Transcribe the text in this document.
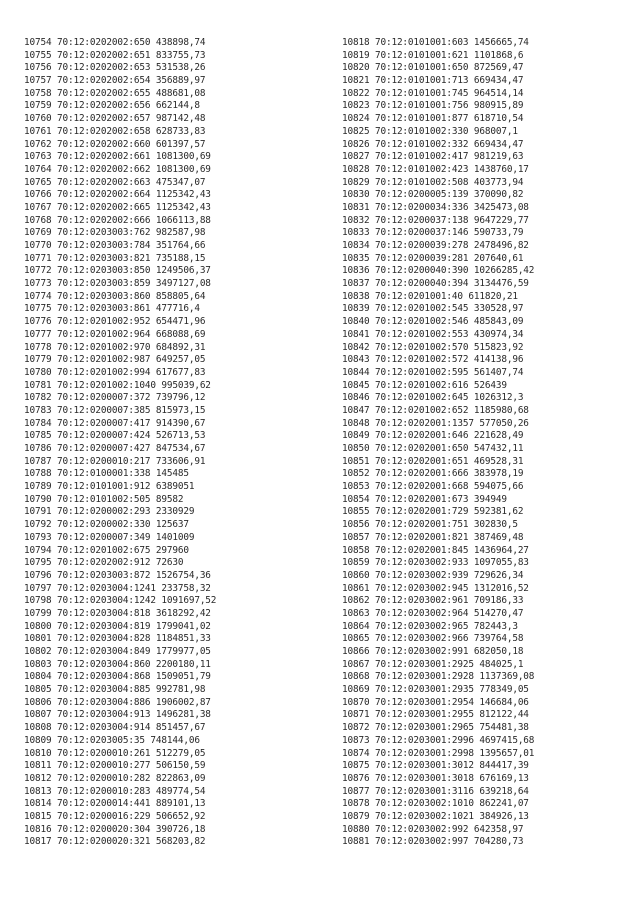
10754 70:12:0202002:650 438898,74
10755 70:12:0202002:651 833755,73
10756 70:12:0202002:653 531538,26
10757 70:12:0202002:654 356889,97
10758 70:12:0202002:655 488681,08
10759 70:12:0202002:656 662144,8
10760 70:12:0202002:657 987142,48
10761 70:12:0202002:658 628733,83
10762 70:12:0202002:660 601397,57
10763 70:12:0202002:661 1081300,69
10764 70:12:0202002:662 1081300,69
10765 70:12:0202002:663 475347,07
10766 70:12:0202002:664 1125342,43
10767 70:12:0202002:665 1125342,43
10768 70:12:0202002:666 1066113,88
10769 70:12:0203003:762 982587,98
10770 70:12:0203003:784 351764,66
10771 70:12:0203003:821 735188,15
10772 70:12:0203003:850 1249506,37
10773 70:12:0203003:859 3497127,08
10774 70:12:0203003:860 858805,64
10775 70:12:0203003:861 477716,4
10776 70:12:0201002:952 654471,96
10777 70:12:0201002:964 668088,69
10778 70:12:0201002:970 684892,31
10779 70:12:0201002:987 649257,05
10780 70:12:0201002:994 617677,83
10781 70:12:0201002:1040 995039,62
10782 70:12:0200007:372 739796,12
10783 70:12:0200007:385 815973,15
10784 70:12:0200007:417 914390,67
10785 70:12:0200007:424 526713,53
10786 70:12:0200007:427 847534,67
10787 70:12:0200010:217 733606,91
10788 70:12:0100001:338 145485
10789 70:12:0101001:912 6389051
10790 70:12:0101002:505 89582
10791 70:12:0200002:293 2330929
10792 70:12:0200002:330 125637
10793 70:12:0200007:349 1401009
10794 70:12:0201002:675 297960
10795 70:12:0202002:912 72630
10796 70:12:0203003:872 1526754,36
10797 70:12:0203004:1241 233758,32
10798 70:12:0203004:1242 1091697,52
10799 70:12:0203004:818 3618292,42
10800 70:12:0203004:819 1799041,02
10801 70:12:0203004:828 1184851,33
10802 70:12:0203004:849 1779977,05
10803 70:12:0203004:860 2200180,11
10804 70:12:0203004:868 1509051,79
10805 70:12:0203004:885 992781,98
10806 70:12:0203004:886 1906002,87
10807 70:12:0203004:913 1496281,38
10808 70:12:0203004:914 851457,67
10809 70:12:0203005:35 748144,06
10810 70:12:0200010:261 512279,05
10811 70:12:0200010:277 506150,59
10812 70:12:0200010:282 822863,09
10813 70:12:0200010:283 489774,54
10814 70:12:0200014:441 889101,13
10815 70:12:0200016:229 506652,92
10816 70:12:0200020:304 390726,18
10817 70:12:0200020:321 568203,82
10818 70:12:0101001:603 1456665,74
10819 70:12:0101001:621 1101868,6
10820 70:12:0101001:650 872569,47
10821 70:12:0101001:713 669434,47
10822 70:12:0101001:745 964514,14
10823 70:12:0101001:756 980915,89
10824 70:12:0101001:877 618710,54
10825 70:12:0101002:330 968007,1
10826 70:12:0101002:332 669434,47
10827 70:12:0101002:417 981219,63
10828 70:12:0101002:423 1438760,17
10829 70:12:0101002:508 403773,94
10830 70:12:0200005:139 370090,82
10831 70:12:0200034:336 3425473,08
10832 70:12:0200037:138 9647229,77
10833 70:12:0200037:146 590733,79
10834 70:12:0200039:278 2478496,82
10835 70:12:0200039:281 207640,61
10836 70:12:0200040:390 10266285,42
10837 70:12:0200040:394 3134476,59
10838 70:12:0201001:40 611820,21
10839 70:12:0201002:545 330528,97
10840 70:12:0201002:546 485843,09
10841 70:12:0201002:553 430974,34
10842 70:12:0201002:570 515823,92
10843 70:12:0201002:572 414138,96
10844 70:12:0201002:595 561407,74
10845 70:12:0201002:616 526439
10846 70:12:0201002:645 1026312,3
10847 70:12:0201002:652 1185980,68
10848 70:12:0202001:1357 577050,26
10849 70:12:0202001:646 221628,49
10850 70:12:0202001:650 547432,11
10851 70:12:0202001:651 469528,31
10852 70:12:0202001:666 383978,19
10853 70:12:0202001:668 594075,66
10854 70:12:0202001:673 394949
10855 70:12:0202001:729 592381,62
10856 70:12:0202001:751 302830,5
10857 70:12:0202001:821 387469,48
10858 70:12:0202001:845 1436964,27
10859 70:12:0203002:933 1097055,83
10860 70:12:0203002:939 729626,34
10861 70:12:0203002:945 1312016,52
10862 70:12:0203002:961 709186,33
10863 70:12:0203002:964 514270,47
10864 70:12:0203002:965 782443,3
10865 70:12:0203002:966 739764,58
10866 70:12:0203002:991 682050,18
10867 70:12:0203001:2925 484025,1
10868 70:12:0203001:2928 1137369,08
10869 70:12:0203001:2935 778349,05
10870 70:12:0203001:2954 146684,06
10871 70:12:0203001:2955 812122,44
10872 70:12:0203001:2965 754481,38
10873 70:12:0203001:2996 4697415,68
10874 70:12:0203001:2998 1395657,01
10875 70:12:0203001:3012 844417,39
10876 70:12:0203001:3018 676169,13
10877 70:12:0203001:3116 639218,64
10878 70:12:0203002:1010 862241,07
10879 70:12:0203002:1021 384926,13
10880 70:12:0203002:992 642358,97
10881 70:12:0203002:997 704280,73
